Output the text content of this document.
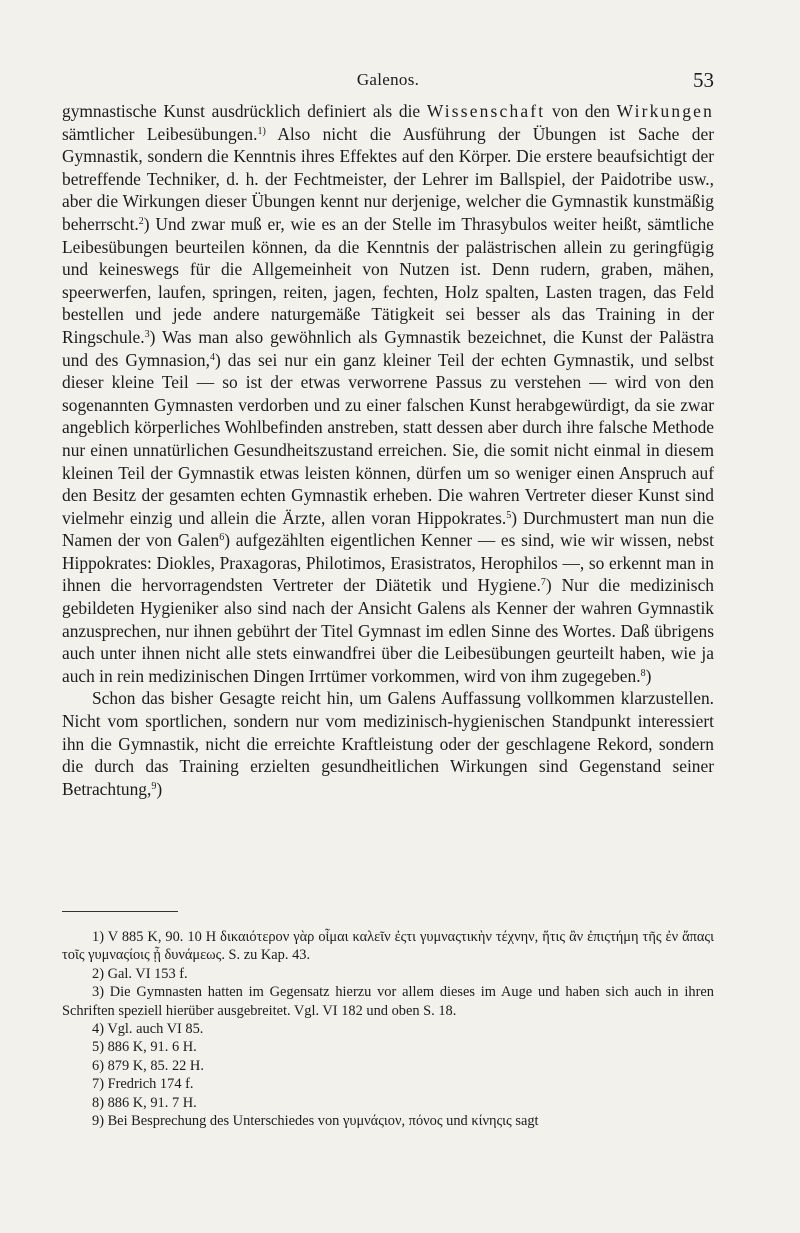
Galenos.	53

gymnastische Kunst ausdrücklich definiert als die Wissenschaft von den Wirkungen sämtlicher Leibesübungen.$^{1)}$ Also nicht die Ausführung der Übungen ist Sache der Gymnastik, sondern die Kenntnis ihres Effektes auf den Körper. Die erstere beaufsichtigt der betreffende Techniker, d. h. der Fechtmeister, der Lehrer im Ballspiel, der Paidotribe usw., aber die Wirkungen dieser Übungen kennt nur derjenige, welcher die Gymnastik kunstmäßig beherrscht.$^2$) Und zwar muß er, wie es an der Stelle im Thrasybulos weiter heißt, sämtliche Leibesübungen beurteilen können, da die Kenntnis der palästrischen allein zu geringfügig und keineswegs für die Allgemeinheit von Nutzen ist. Denn rudern, graben, mähen, speerwerfen, laufen, springen, reiten, jagen, fechten, Holz spalten, Lasten tragen, das Feld bestellen und jede andere naturgemäße Tätigkeit sei besser als das Training in der Ringschule.$^3$) Was man also gewöhnlich als Gymnastik bezeichnet, die Kunst der Palästra und des Gymnasion,$^4$) das sei nur ein ganz kleiner Teil der echten Gymnastik, und selbst dieser kleine Teil — so ist der etwas verworrene Passus zu verstehen — wird von den sogenannten Gymnasten verdorben und zu einer falschen Kunst herabgewürdigt, da sie zwar angeblich körperliches Wohlbefinden anstreben, statt dessen aber durch ihre falsche Methode nur einen unnatürlichen Gesundheitszustand erreichen. Sie, die somit nicht einmal in diesem kleinen Teil der Gymnastik etwas leisten können, dürfen um so weniger einen Anspruch auf den Besitz der gesamten echten Gymnastik erheben. Die wahren Vertreter dieser Kunst sind vielmehr einzig und allein die Ärzte, allen voran Hippokrates.$^5$) Durchmustert man nun die Namen der von Galen$^6$) aufgezählten eigentlichen Kenner — es sind, wie wir wissen, nebst Hippokrates: Diokles, Praxagoras, Philotimos, Erasistratos, Herophilos —, so erkennt man in ihnen die hervorragendsten Vertreter der Diätetik und Hygiene.$^7$) Nur die medizinisch gebildeten Hygieniker also sind nach der Ansicht Galens als Kenner der wahren Gymnastik anzusprechen, nur ihnen gebührt der Titel Gymnast im edlen Sinne des Wortes. Daß übrigens auch unter ihnen nicht alle stets einwandfrei über die Leibesübungen geurteilt haben, wie ja auch in rein medizinischen Dingen Irrtümer vorkommen, wird von ihm zugegeben.$^8$)

Schon das bisher Gesagte reicht hin, um Galens Auffassung vollkommen klarzustellen. Nicht vom sportlichen, sondern nur vom medizinisch-hygienischen Standpunkt interessiert ihn die Gymnastik, nicht die erreichte Kraftleistung oder der geschlagene Rekord, sondern die durch das Training erzielten gesundheitlichen Wirkungen sind Gegenstand seiner Betrachtung,$^9$)

1) V 885 K, 90. 10 H δικαιότερον γὰρ οἶμαι καλεῖν ἐςτι γυμναςτικὴν τέχνην, ἥτις ἂν ἐπιςτήμη τῆς ἐν ἅπαςι τοῖς γυμναςίοις ᾖ δυνάμεως. S. zu Kap. 43.

2) Gal. VI 153 f.

3) Die Gymnasten hatten im Gegensatz hierzu vor allem dieses im Auge und haben sich auch in ihren Schriften speziell hierüber ausgebreitet. Vgl. VI 182 und oben S. 18.

4) Vgl. auch VI 85.

5) 886 K, 91. 6 H.

6) 879 K, 85. 22 H.

7) Fredrich 174 f.

8) 886 K, 91. 7 H.

9) Bei Besprechung des Unterschiedes von γυμνάςιον, πόνος und κίνηςις sagt
